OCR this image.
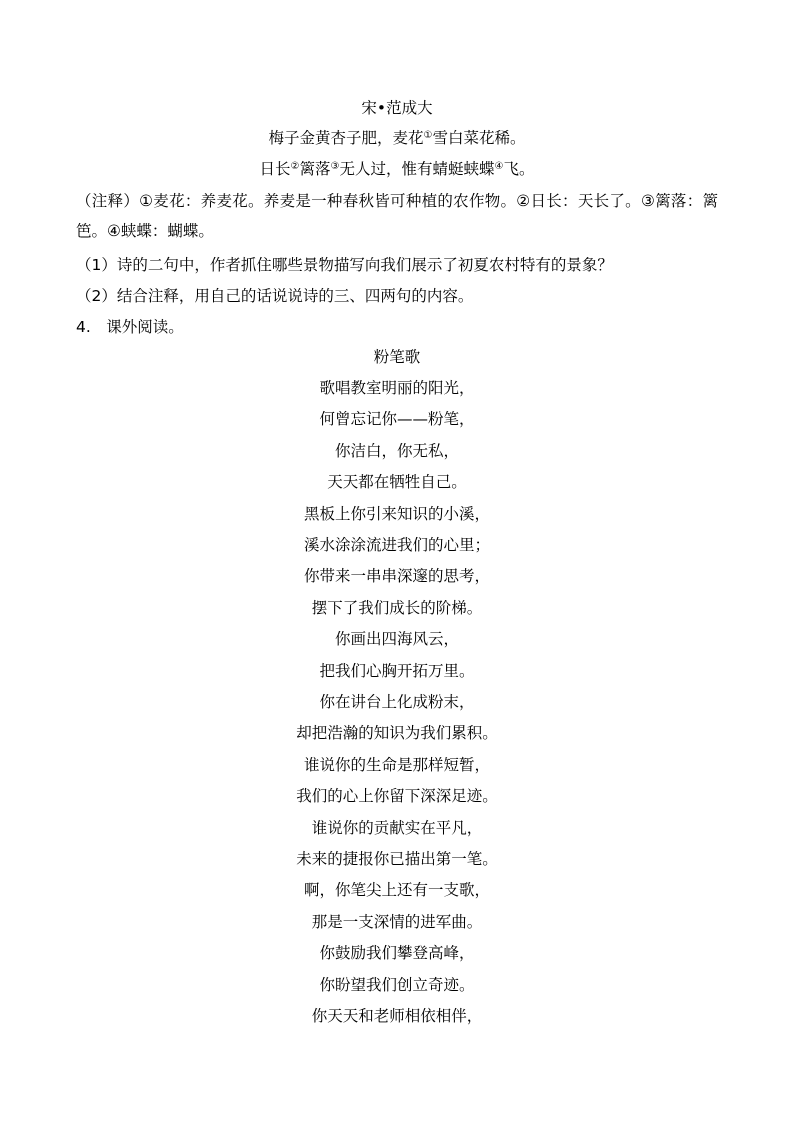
宋•范成大
梅子金黄杏子肥，麦花①雪白菜花稀。
日长②篱落③无人过，惟有蜻蜓蛱蝶④飞。
（注释）①麦花：养麦花。养麦是一种春秋皆可种植的农作物。②日长：天长了。③篱落：篱笆。④蛱蝶：蝴蝶。
（1）诗的二句中，作者抓住哪些景物描写向我们展示了初夏农村特有的景象？
（2）结合注释，用自己的话说说诗的三、四两句的内容。
4.　课外阅读。
粉笔歌
歌唱教室明丽的阳光，
何曾忘记你——粉笔，
你洁白，你无私，
天天都在牺牲自己。
黑板上你引来知识的小溪，
溪水涂涂流进我们的心里；
你带来一串串深邃的思考，
摆下了我们成长的阶梯。
你画出四海风云，
把我们心胸开拓万里。
你在讲台上化成粉末，
却把浩瀚的知识为我们累积。
谁说你的生命是那样短暂，
我们的心上你留下深深足迹。
谁说你的贡献实在平凡，
未来的捷报你已描出第一笔。
啊，你笔尖上还有一支歌，
那是一支深情的进军曲。
你鼓励我们攀登高峰，
你盼望我们创立奇迹。
你天天和老师相依相伴，
